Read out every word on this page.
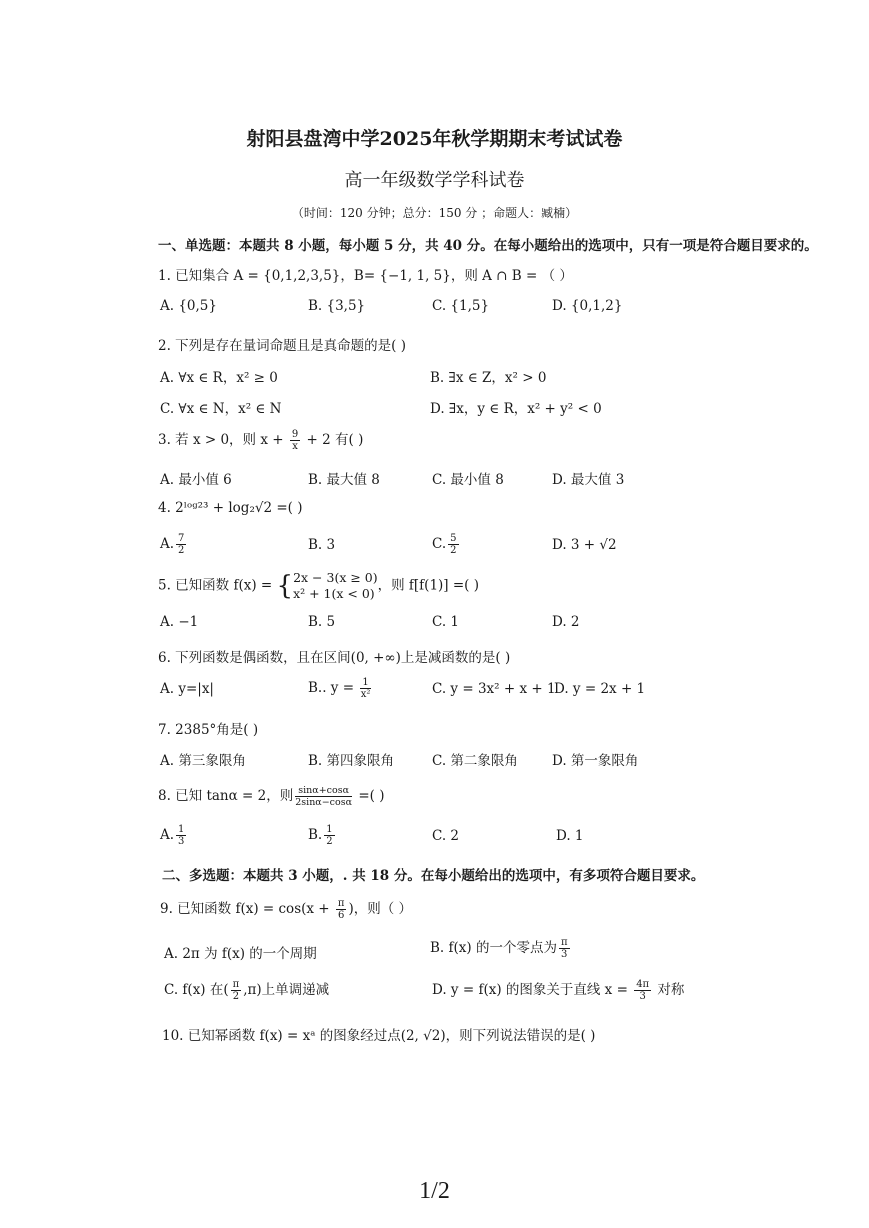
射阳县盘湾中学2025年秋学期期末考试试卷
高一年级数学学科试卷
（时间：120 分钟；总分：150 分 ；命题人：臧楠）
一、单选题：本题共 8 小题，每小题 5 分，共 40 分。在每小题给出的选项中，只有一项是符合题目要求的。
1. 已知集合 A = {0,1,2,3,5}，B= {−1, 1, 5}，则 A ∩ B = （ ）
A. {0,5}	B. {3,5}	C. {1,5}	D. {0,1,2}
2. 下列是存在量词命题且是真命题的是( )
A. ∀x ∈ R，x² ≥ 0	B. ∃x ∈ Z，x² > 0
C. ∀x ∈ N，x² ∈ N	D. ∃x，y ∈ R，x² + y² < 0
3. 若 x > 0，则 $x + \frac{9}{x} + 2$ 有( )
A. 最小值 6	B. 最大值 8	C. 最小值 8	D. 最大值 3
4. 2ˡᵒᵍ²³ + log₂√2 =( )
A. $\frac{7}{2}$	B. 3	C. $\frac{5}{2}$	D. 3 + √2
5. 已知函数 f(x) = { 2x − 3(x ≥ 0)
x² + 1(x < 0) ，则 f[f(1)] =( )
A. −1	B. 5	C. 1	D. 2
6. 下列函数是偶函数，且在区间(0, +∞)上是减函数的是( )
A. y=|x|	B.. $y = \frac{1}{\text{x²}}$	C. y = 3x² + x + 1
D. y = 2x + 1
7. 2385°角是( )
A. 第三象限角	B. 第四象限角	C. 第二象限角	D. 第一象限角
8. 已知 tanα = 2，则 $\frac{\sin\alpha+\cos\alpha}{2\sin\alpha-\cos\alpha}$ =( )
A. $\frac{1}{3}$	B. $\frac{1}{2}$	C. 2	D. 1
二、多选题：本题共 3 小题，. 共 18 分。在每小题给出的选项中，有多项符合题目要求。
9. 已知函数 $f(x) = \cos(x + \frac{\pi}{6}$ )，则（ ）
A. 2π 为 f(x) 的一个周期	B. f(x) 的一个零点为 $\frac{\pi}{3}$
C. f(x) 在( $\frac{\pi}{2} ,\pi$)上单调递减	D. y = f(x) 的图象关于直线 $x = \frac{4\pi}{3}$ 对称
10. 已知幂函数 f(x) = xᵃ 的图象经过点(2, √2)，则下列说法错误的是( )
1/2
